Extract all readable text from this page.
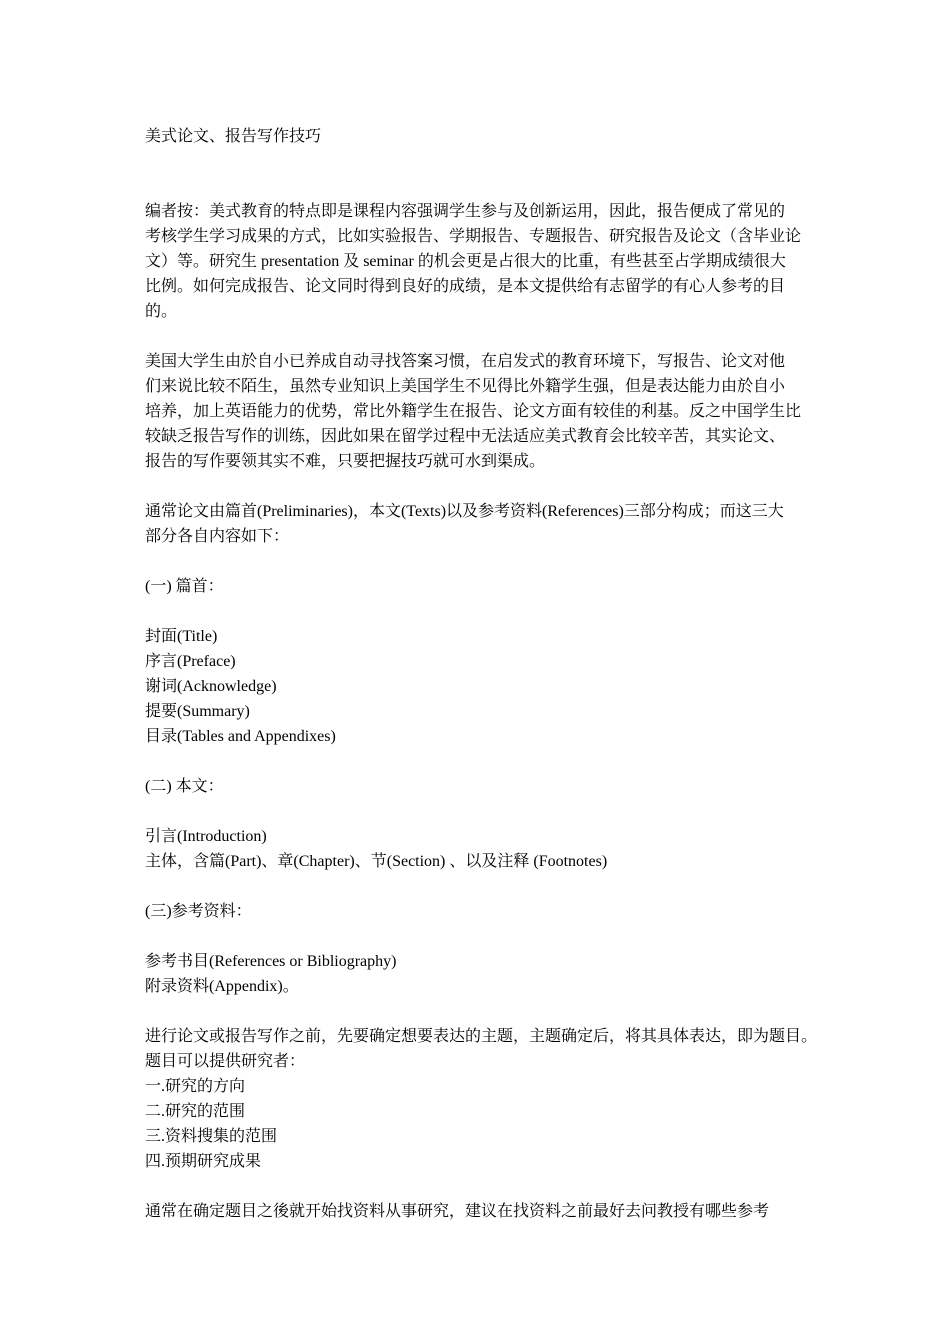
美式论文、报告写作技巧
编者按：美式教育的特点即是课程内容强调学生参与及创新运用，因此，报告便成了常见的
考核学生学习成果的方式，比如实验报告、学期报告、专题报告、研究报告及论文（含毕业论
文）等。研究生 presentation 及 seminar 的机会更是占很大的比重，有些甚至占学期成绩很大
比例。如何完成报告、论文同时得到良好的成绩，是本文提供给有志留学的有心人参考的目
的。
美国大学生由於自小已养成自动寻找答案习惯，在启发式的教育环境下，写报告、论文对他
们来说比较不陌生，虽然专业知识上美国学生不见得比外籍学生强，但是表达能力由於自小
培养，加上英语能力的优势，常比外籍学生在报告、论文方面有较佳的利基。反之中国学生比
较缺乏报告写作的训练，因此如果在留学过程中无法适应美式教育会比较辛苦，其实论文、
报告的写作要领其实不难，只要把握技巧就可水到渠成。
通常论文由篇首(Preliminaries)，本文(Texts)以及参考资料(References)三部分构成；而这三大
部分各自内容如下：
(一) 篇首：
封面(Title)
序言(Preface)
谢词(Acknowledge)
提要(Summary)
目录(Tables and Appendixes)
(二) 本文：
引言(Introduction)
主体，含篇(Part)、章(Chapter)、节(Section) 、以及注释 (Footnotes)
(三)参考资料：
参考书目(References or Bibliography)
附录资料(Appendix)。
进行论文或报告写作之前，先要确定想要表达的主题，主题确定后，将其具体表达，即为题目。
题目可以提供研究者：
一.研究的方向
二.研究的范围
三.资料搜集的范围
四.预期研究成果
通常在确定题目之後就开始找资料从事研究，建议在找资料之前最好去问教授有哪些参考
